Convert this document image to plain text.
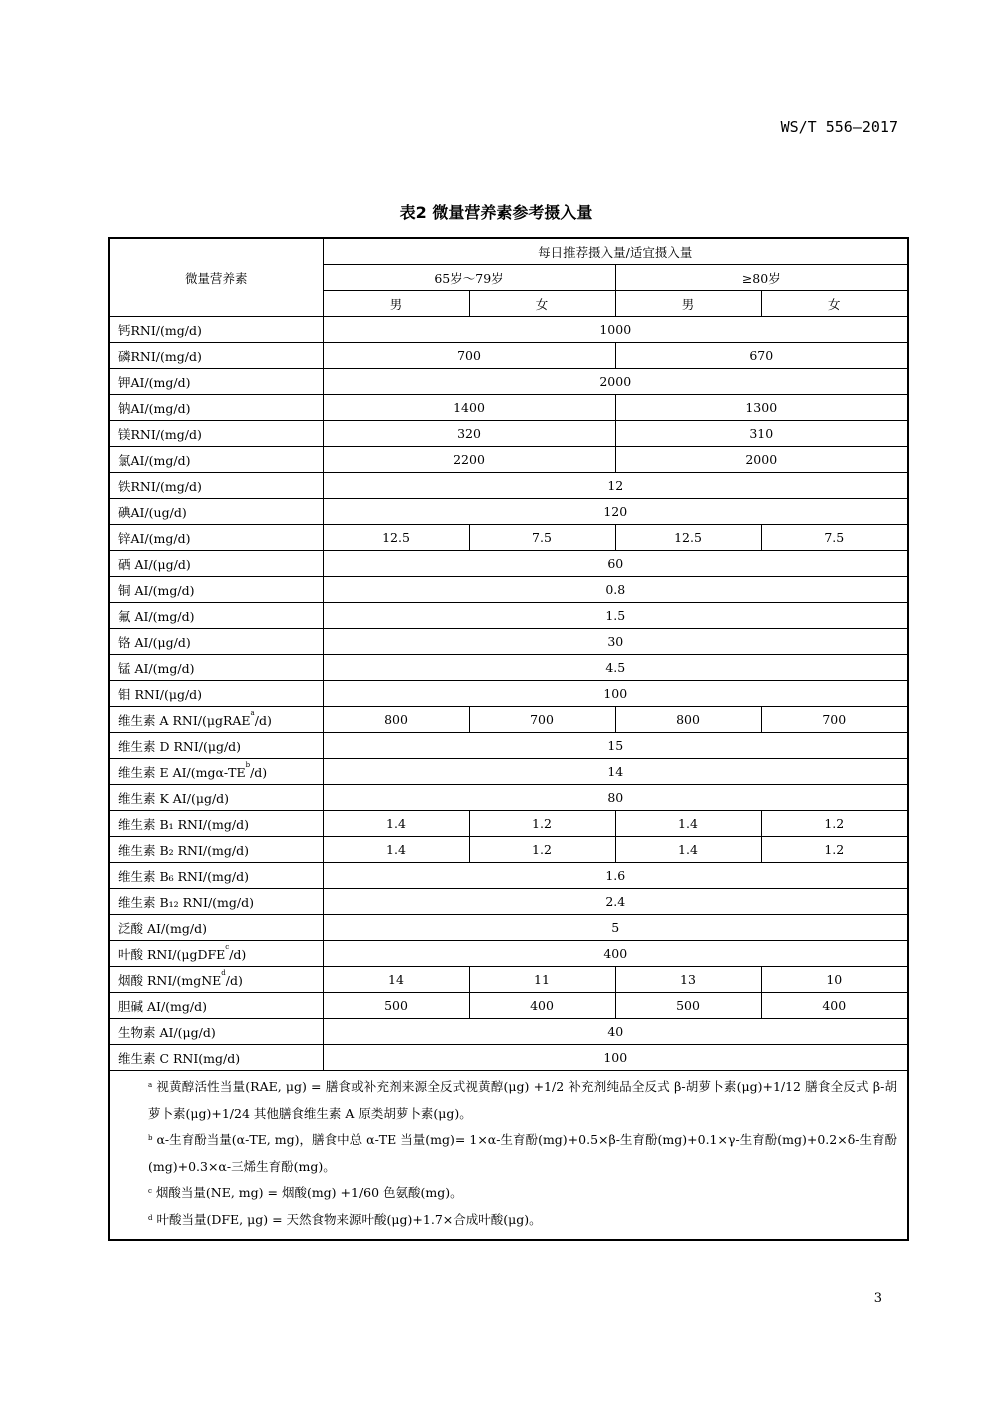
WS/T 556—2017
表2 微量营养素参考摄入量
微量营养素	每日推荐摄入量/适宜摄入量			
	65岁～79岁		≥80岁	
	男	女	男	女
钙RNI/(mg/d)	1000			
磷RNI/(mg/d)	700		670	
钾AI/(mg/d)	2000			
钠AI/(mg/d)	1400		1300	
镁RNI/(mg/d)	320		310	
氯AI/(mg/d)	2200		2000	
铁RNI/(mg/d)	12			
碘AI/(ug/d)	120			
锌AI/(mg/d)	12.5	7.5	12.5	7.5
硒 AI/(μg/d)	60			
铜 AI/(mg/d)	0.8			
氟 AI/(mg/d)	1.5			
铬 AI/(μg/d)	30			
锰 AI/(mg/d)	4.5			
钼 RNI/(μg/d)	100			
维生素 A RNI/(μgRAE$^a$/d)	800	700	800	700
维生素 D RNI/(μg/d)	15			
维生素 E $AI/(mg\alpha-TE^b/d)$	14			
维生素 K AI/(μg/d)	80			
维生素 B₁ RNI/(mg/d)	1.4	1.2	1.4	1.2
维生素 B₂ RNI/(mg/d)	1.4	1.2	1.4	1.2
维生素 B₆ RNI/(mg/d)	1.6			
维生素 B₁₂ RNI/(mg/d)	2.4			
泛酸 AI/(mg/d)	5			
叶酸 RNI/(μgDFE$^c$/d)	400			
烟酸 RNI/(mgNE$^d$/d)	14	11	13	10
胆碱 AI/(mg/d)	500	400	500	400
生物素 AI/(μg/d)	40			
维生素 C RNI(mg/d)	100			

$^a$ 视黄醇活性当量(RAE, μg) = 膳食或补充剂来源全反式视黄醇(μg) +1/2 补充剂纯品全反式 β-胡萝卜素(μg)+1/12 膳食全反式 β-胡萝卜素(μg)+1/24 其他膳食维生素 A 原类胡萝卜素(μg)。

$^b$ α-生育酚当量(α-TE, mg)，膳食中总 α-TE 当量(mg)= 1×α-生育酚(mg)+0.5×β-生育酚(mg)+0.1×γ-生育酚(mg)+0.2×δ-生育酚(mg)+0.3×α-三烯生育酚(mg)。

$^c$ 烟酸当量(NE, mg) = 烟酸(mg) +1/60 色氨酸(mg)。

$^d$ 叶酸当量(DFE, μg) = 天然食物来源叶酸(μg)+1.7×合成叶酸(μg)。				

3
